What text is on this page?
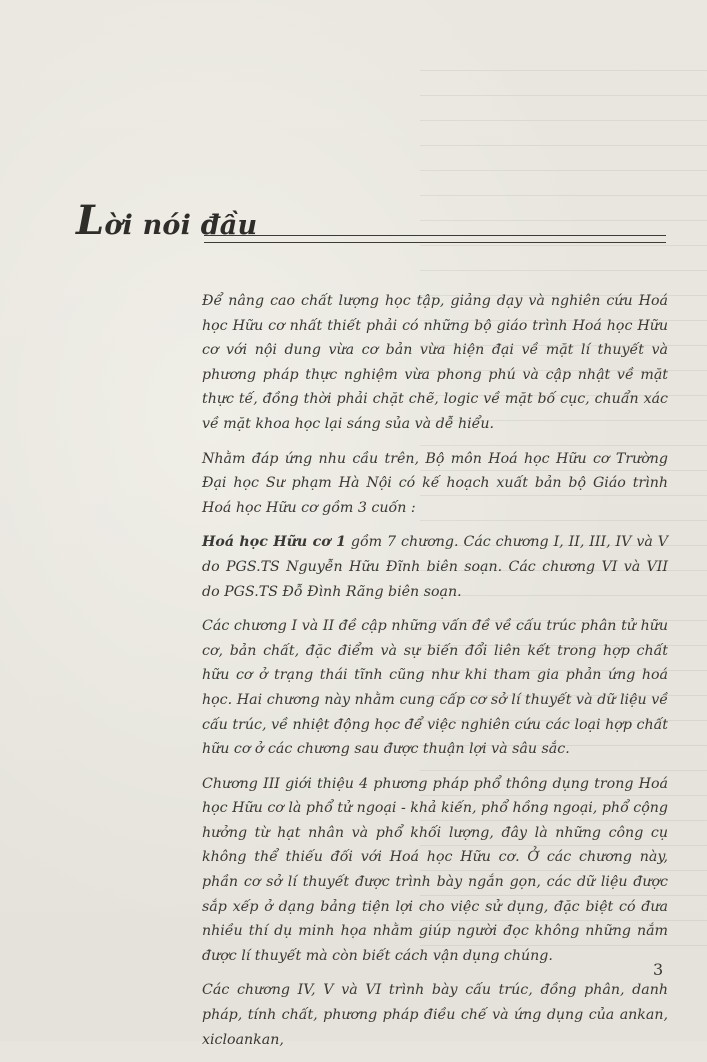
Lời nói đầu

Để nâng cao chất lượng học tập, giảng dạy và nghiên cứu Hoá học Hữu cơ nhất thiết phải có những bộ giáo trình Hoá học Hữu cơ với nội dung vừa cơ bản vừa hiện đại về mặt lí thuyết và phương pháp thực nghiệm vừa phong phú và cập nhật về mặt thực tế, đồng thời phải chặt chẽ, logic về mặt bố cục, chuẩn xác về mặt khoa học lại sáng sủa và dễ hiểu.

Nhằm đáp ứng nhu cầu trên, Bộ môn Hoá học Hữu cơ Trường Đại học Sư phạm Hà Nội có kế hoạch xuất bản bộ Giáo trình Hoá học Hữu cơ gồm 3 cuốn :

Hoá học Hữu cơ 1 gồm 7 chương. Các chương I, II, III, IV và V do PGS.TS Nguyễn Hữu Đĩnh biên soạn. Các chương VI và VII do PGS.TS Đỗ Đình Rãng biên soạn.

Các chương I và II đề cập những vấn đề về cấu trúc phân tử hữu cơ, bản chất, đặc điểm và sự biến đổi liên kết trong hợp chất hữu cơ ở trạng thái tĩnh cũng như khi tham gia phản ứng hoá học. Hai chương này nhằm cung cấp cơ sở lí thuyết và dữ liệu về cấu trúc, về nhiệt động học để việc nghiên cứu các loại hợp chất hữu cơ ở các chương sau được thuận lợi và sâu sắc.

Chương III giới thiệu 4 phương pháp phổ thông dụng trong Hoá học Hữu cơ là phổ tử ngoại - khả kiến, phổ hồng ngoại, phổ cộng hưởng từ hạt nhân và phổ khối lượng, đây là những công cụ không thể thiếu đối với Hoá học Hữu cơ. Ở các chương này, phần cơ sở lí thuyết được trình bày ngắn gọn, các dữ liệu được sắp xếp ở dạng bảng tiện lợi cho việc sử dụng, đặc biệt có đưa nhiều thí dụ minh họa nhằm giúp người đọc không những nắm được lí thuyết mà còn biết cách vận dụng chúng.

Các chương IV, V và VI trình bày cấu trúc, đồng phân, danh pháp, tính chất, phương pháp điều chế và ứng dụng của ankan, xicloankan,

3
